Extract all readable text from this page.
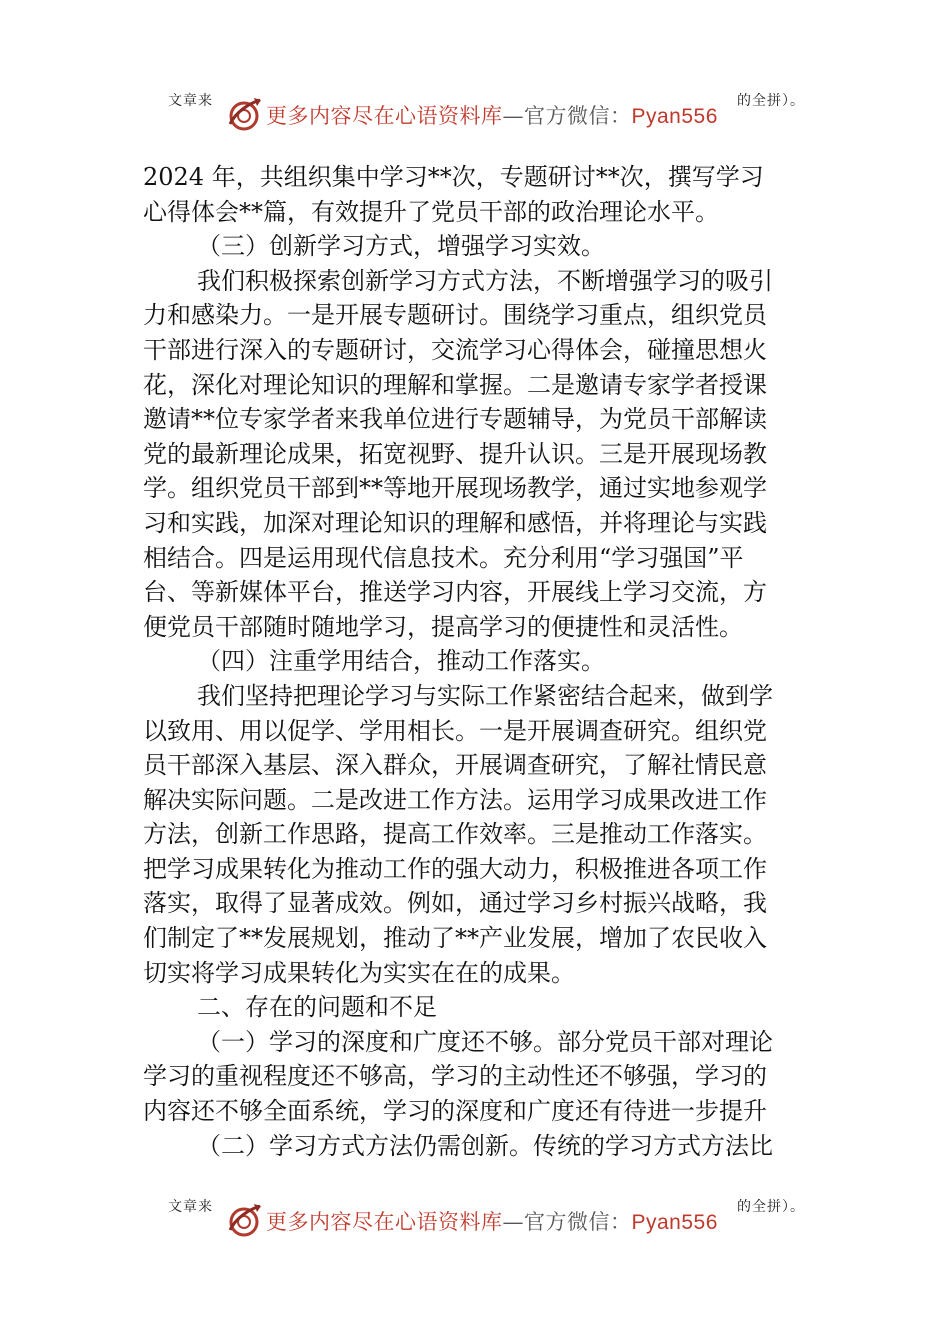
文章来
更多内容尽在心语资料库—官方微信：Pyan556
的全拼）。
2024 年，共组织集中学习**次，专题研讨**次，撰写学习
心得体会**篇，有效提升了党员干部的政治理论水平。
（三）创新学习方式，增强学习实效。
我们积极探索创新学习方式方法，不断增强学习的吸引
力和感染力。一是开展专题研讨。围绕学习重点，组织党员
干部进行深入的专题研讨，交流学习心得体会，碰撞思想火
花，深化对理论知识的理解和掌握。二是邀请专家学者授课
邀请**位专家学者来我单位进行专题辅导，为党员干部解读
党的最新理论成果，拓宽视野、提升认识。三是开展现场教
学。组织党员干部到**等地开展现场教学，通过实地参观学
习和实践，加深对理论知识的理解和感悟，并将理论与实践
相结合。四是运用现代信息技术。充分利用“学习强国”平
台、等新媒体平台，推送学习内容，开展线上学习交流，方
便党员干部随时随地学习，提高学习的便捷性和灵活性。
（四）注重学用结合，推动工作落实。
我们坚持把理论学习与实际工作紧密结合起来，做到学
以致用、用以促学、学用相长。一是开展调查研究。组织党
员干部深入基层、深入群众，开展调查研究，了解社情民意
解决实际问题。二是改进工作方法。运用学习成果改进工作
方法，创新工作思路，提高工作效率。三是推动工作落实。
把学习成果转化为推动工作的强大动力，积极推进各项工作
落实，取得了显著成效。例如，通过学习乡村振兴战略，我
们制定了**发展规划，推动了**产业发展，增加了农民收入
切实将学习成果转化为实实在在的成果。
二、存在的问题和不足
（一）学习的深度和广度还不够。部分党员干部对理论
学习的重视程度还不够高，学习的主动性还不够强，学习的
内容还不够全面系统，学习的深度和广度还有待进一步提升
（二）学习方式方法仍需创新。传统的学习方式方法比
文章来
更多内容尽在心语资料库—官方微信：Pyan556
的全拼）。
